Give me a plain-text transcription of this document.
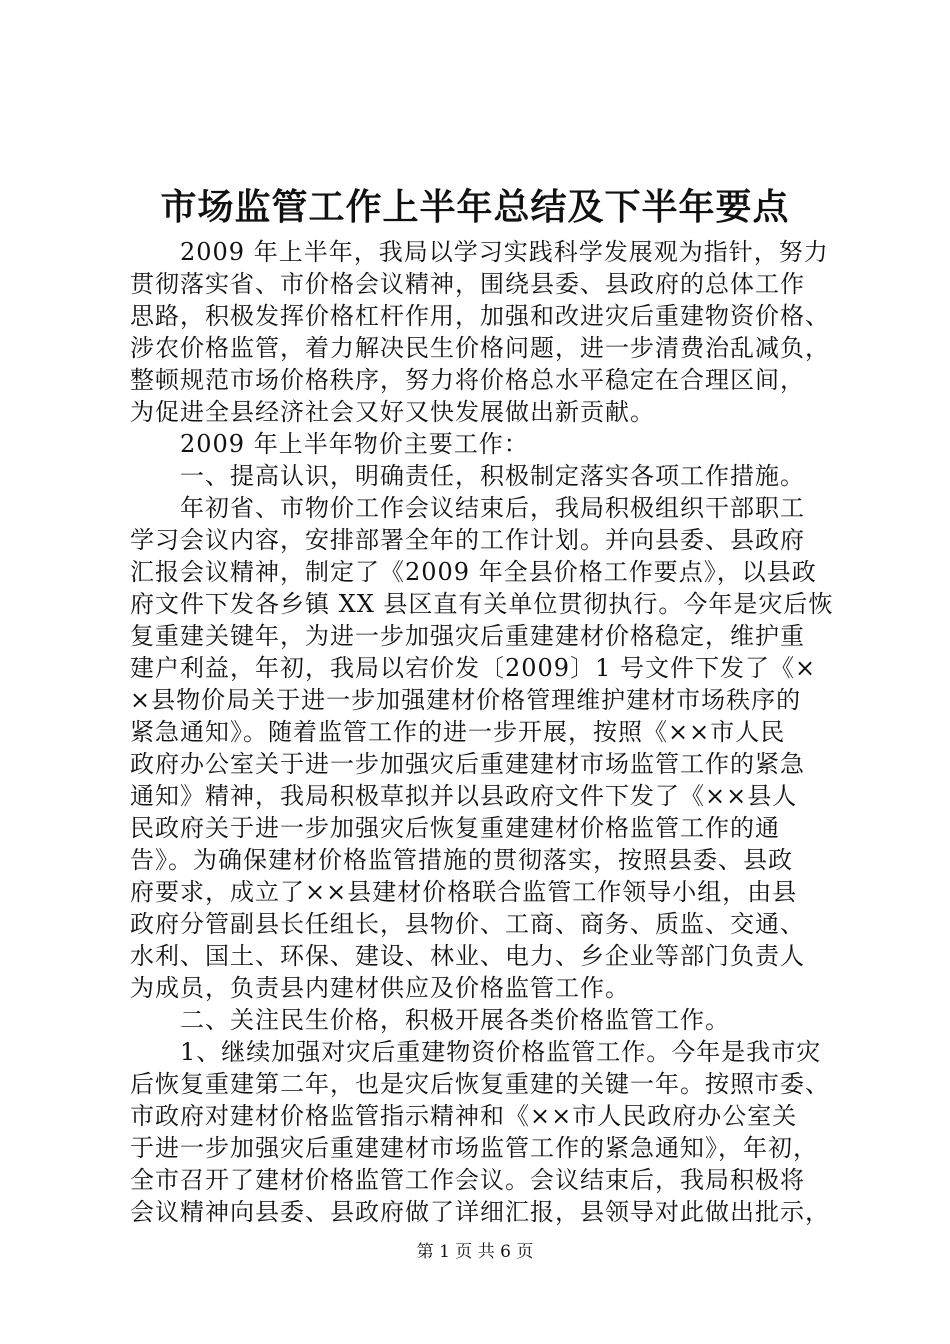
市场监管工作上半年总结及下半年要点
　　2009 年上半年，我局以学习实践科学发展观为指针，努力
贯彻落实省、市价格会议精神，围绕县委、县政府的总体工作
思路，积极发挥价格杠杆作用，加强和改进灾后重建物资价格、
涉农价格监管，着力解决民生价格问题，进一步清费治乱减负，
整顿规范市场价格秩序，努力将价格总水平稳定在合理区间，
为促进全县经济社会又好又快发展做出新贡献。
　　2009 年上半年物价主要工作：
　　一、提高认识，明确责任，积极制定落实各项工作措施。
　　年初省、市物价工作会议结束后，我局积极组织干部职工
学习会议内容，安排部署全年的工作计划。并向县委、县政府
汇报会议精神，制定了《2009 年全县价格工作要点》，以县政
府文件下发各乡镇 XX 县区直有关单位贯彻执行。今年是灾后恢
复重建关键年，为进一步加强灾后重建建材价格稳定，维护重
建户利益，年初，我局以宕价发〔2009〕1 号文件下发了《×
×县物价局关于进一步加强建材价格管理维护建材市场秩序的
紧急通知》。随着监管工作的进一步开展，按照《××市人民
政府办公室关于进一步加强灾后重建建材市场监管工作的紧急
通知》精神，我局积极草拟并以县政府文件下发了《××县人
民政府关于进一步加强灾后恢复重建建材价格监管工作的通
告》。为确保建材价格监管措施的贯彻落实，按照县委、县政
府要求，成立了××县建材价格联合监管工作领导小组，由县
政府分管副县长任组长，县物价、工商、商务、质监、交通、
水利、国土、环保、建设、林业、电力、乡企业等部门负责人
为成员，负责县内建材供应及价格监管工作。
　　二、关注民生价格，积极开展各类价格监管工作。
　　1、继续加强对灾后重建物资价格监管工作。今年是我市灾
后恢复重建第二年，也是灾后恢复重建的关键一年。按照市委、
市政府对建材价格监管指示精神和《××市人民政府办公室关
于进一步加强灾后重建建材市场监管工作的紧急通知》，年初，
全市召开了建材价格监管工作会议。会议结束后，我局积极将
会议精神向县委、县政府做了详细汇报，县领导对此做出批示，
第 1 页 共 6 页
